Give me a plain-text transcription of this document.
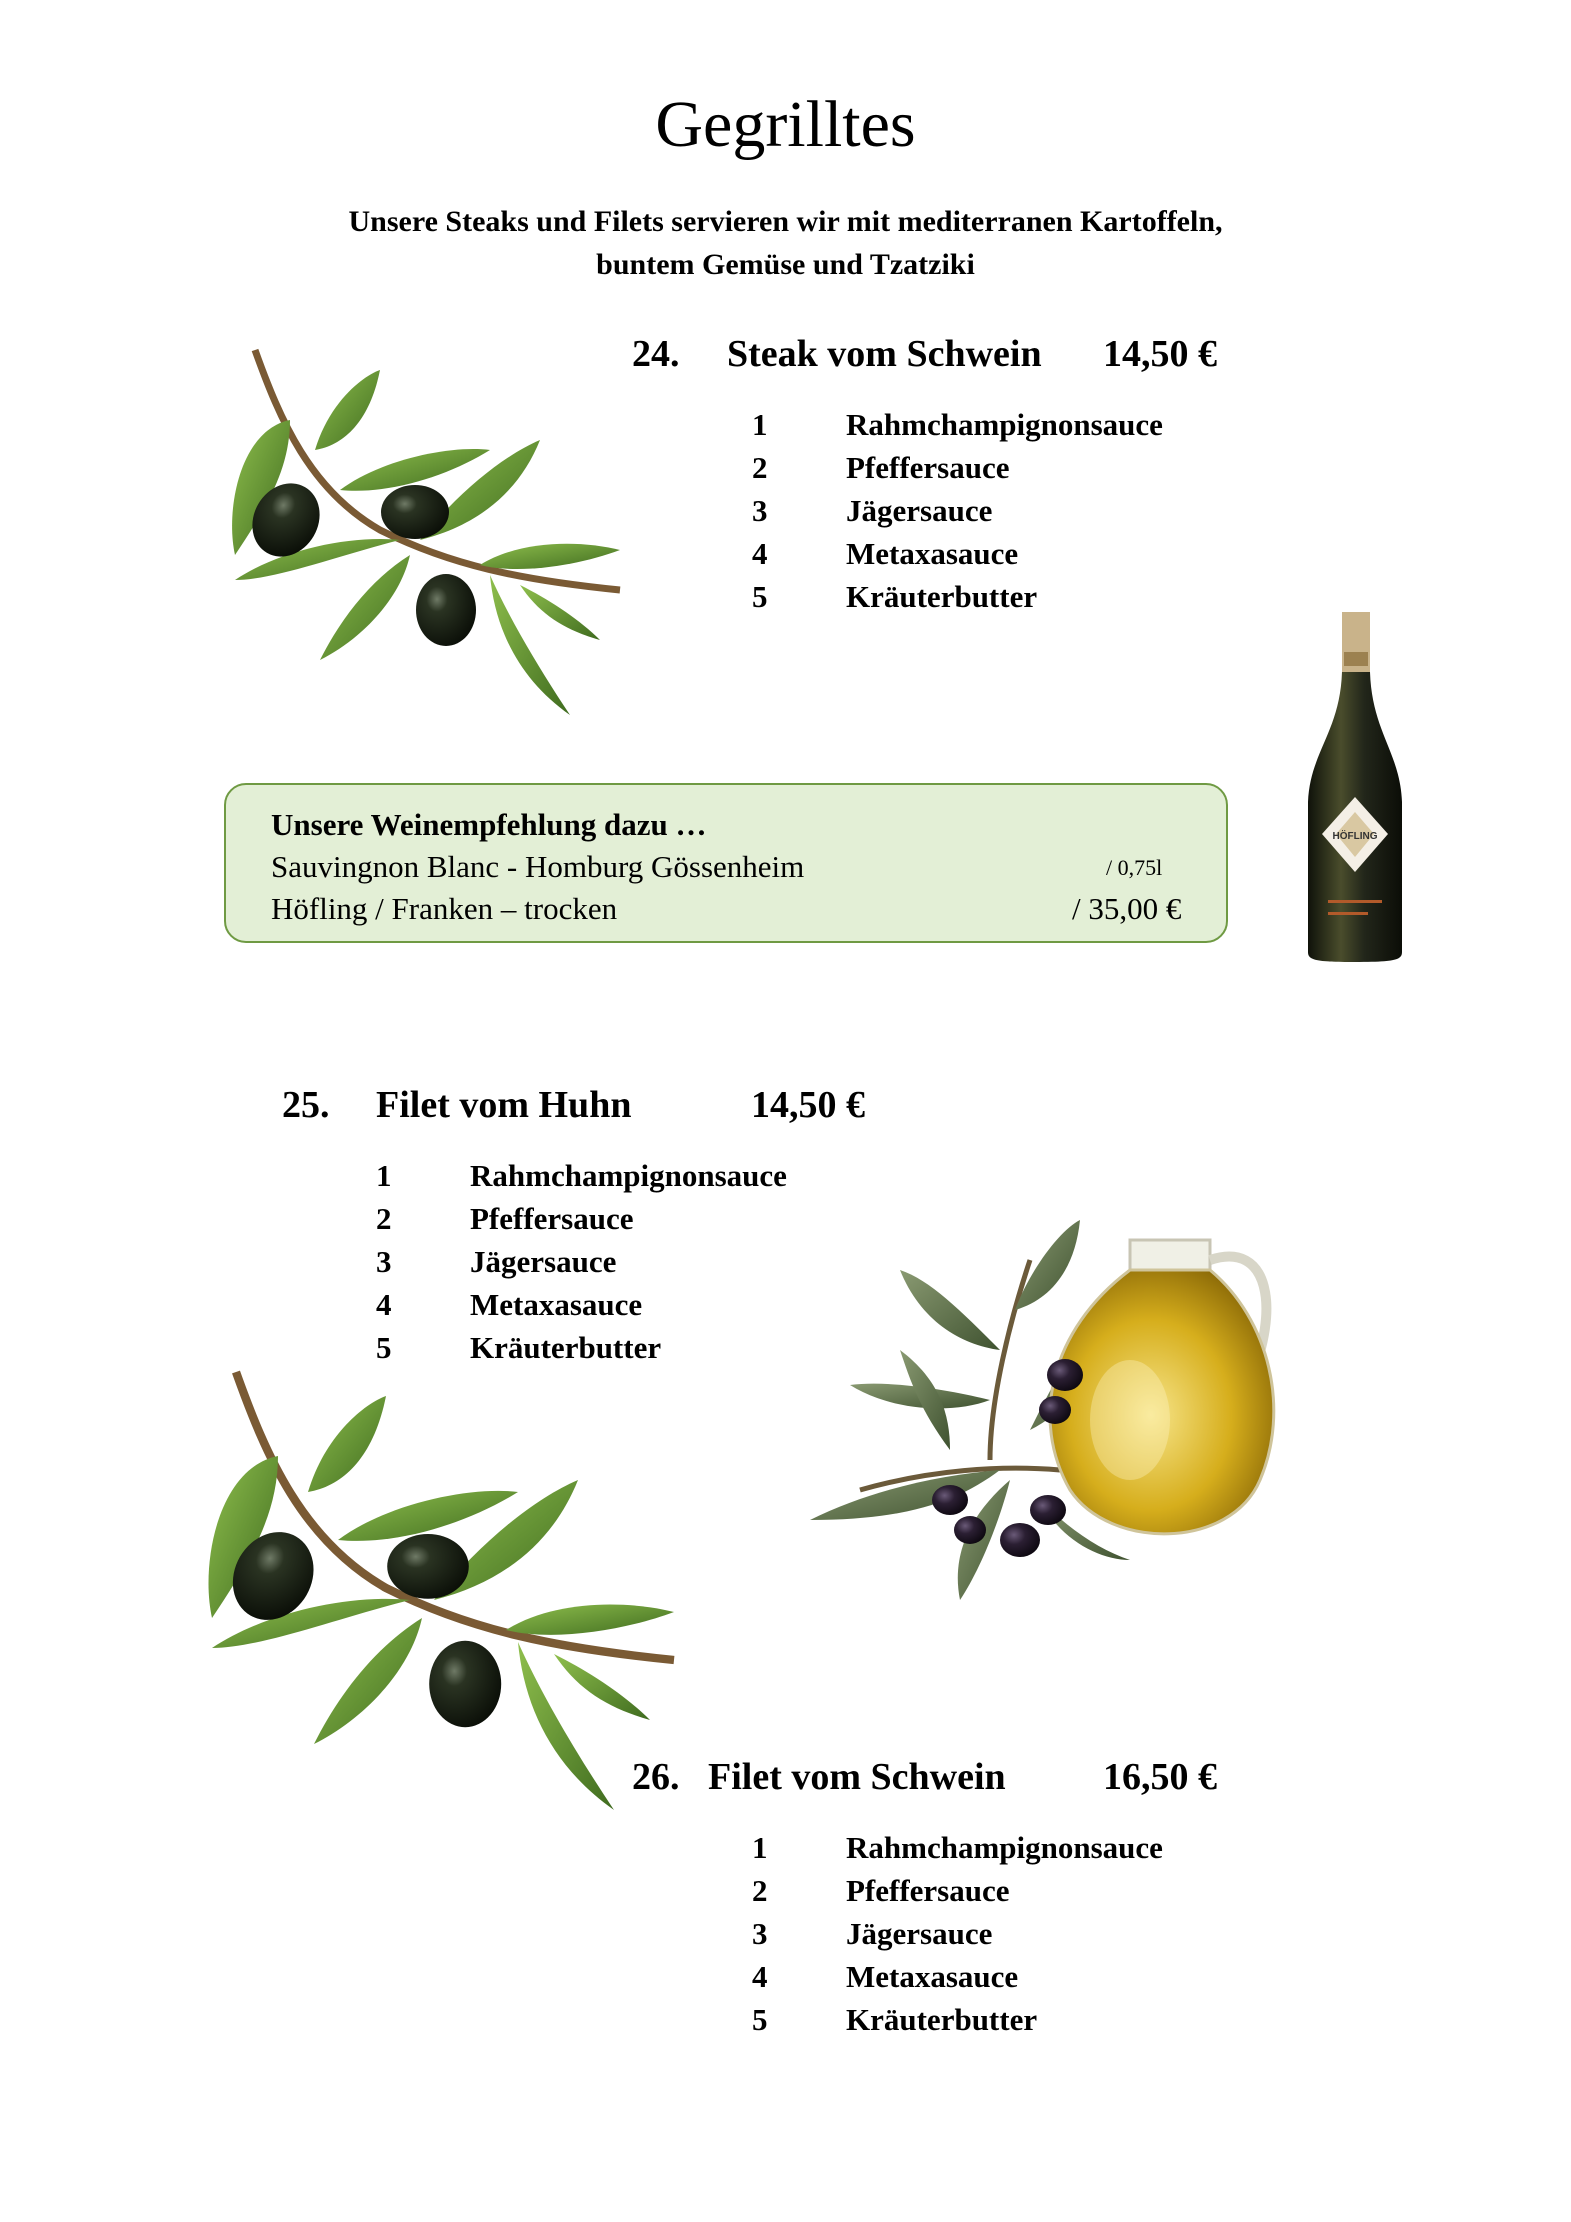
Gegrilltes
Unsere Steaks und Filets servieren wir mit mediterranen Kartoffeln,
buntem Gemüse und Tzatziki
24. Steak vom Schwein 14,50 €
1	Rahmchampignonsauce
2	Pfeffersauce
3	Jägersauce
4	Metaxasauce
5	Kräuterbutter
HÖFLING
Unsere Weinempfehlung dazu …
Sauvingnon Blanc - Homburg Gössenheim	/ 0,75l
Höfling / Franken – trocken	/ 35,00 €
25. Filet vom Huhn	14,50 €
1	Rahmchampignonsauce
2	Pfeffersauce
3	Jägersauce
4	Metaxasauce
5	Kräuterbutter
26. Filet vom Schwein	16,50 €
1	Rahmchampignonsauce
2	Pfeffersauce
3	Jägersauce
4	Metaxasauce
5	Kräuterbutter
